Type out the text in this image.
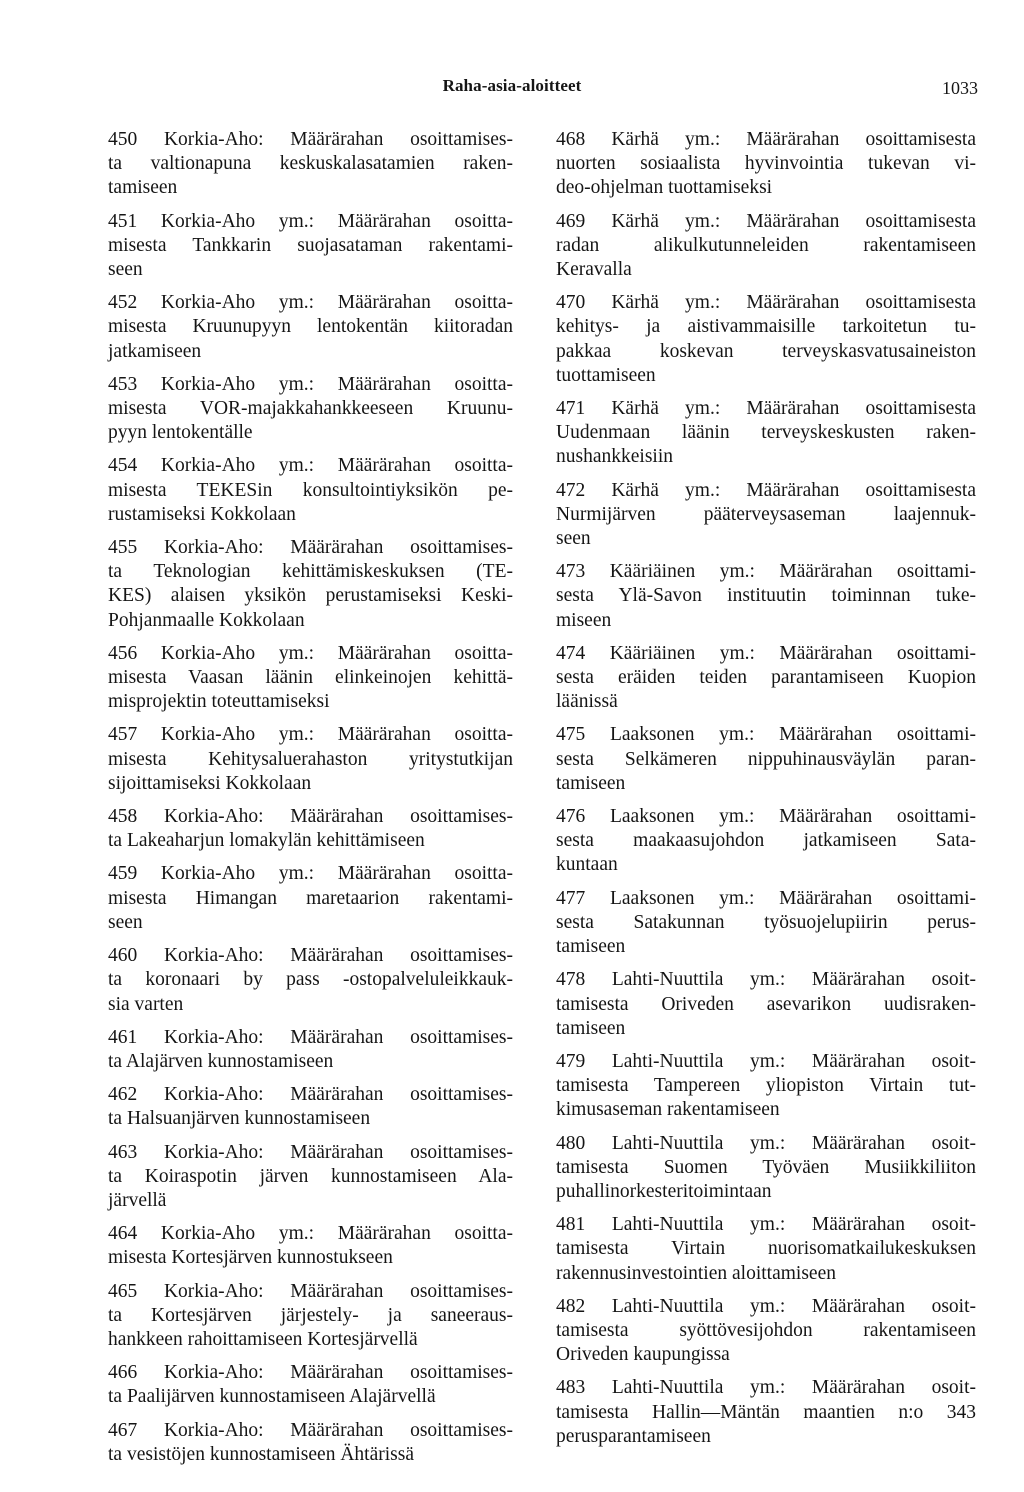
Raha-asia-aloitteet	1033
450 Korkia-Aho: Määrärahan osoittamises-
ta valtionapuna keskuskalasatamien raken-
tamiseen
451 Korkia-Aho ym.: Määrärahan osoitta-
misesta Tankkarin suojasataman rakentami-
seen
452 Korkia-Aho ym.: Määrärahan osoitta-
misesta Kruunupyyn lentokentän kiitoradan
jatkamiseen
453 Korkia-Aho ym.: Määrärahan osoitta-
misesta VOR-majakkahankkeeseen Kruunu-
pyyn lentokentälle
454 Korkia-Aho ym.: Määrärahan osoitta-
misesta TEKESin konsultointiyksikön pe-
rustamiseksi Kokkolaan
455 Korkia-Aho: Määrärahan osoittamises-
ta Teknologian kehittämiskeskuksen (TE-
KES) alaisen yksikön perustamiseksi Keski-
Pohjanmaalle Kokkolaan
456 Korkia-Aho ym.: Määrärahan osoitta-
misesta Vaasan läänin elinkeinojen kehittä-
misprojektin toteuttamiseksi
457 Korkia-Aho ym.: Määrärahan osoitta-
misesta Kehitysaluerahaston yritystutkijan
sijoittamiseksi Kokkolaan
458 Korkia-Aho: Määrärahan osoittamises-
ta Lakeaharjun lomakylän kehittämiseen
459 Korkia-Aho ym.: Määrärahan osoitta-
misesta Himangan maretaarion rakentami-
seen
460 Korkia-Aho: Määrärahan osoittamises-
ta koronaari by pass -ostopalveluleikkauk-
sia varten
461 Korkia-Aho: Määrärahan osoittamises-
ta Alajärven kunnostamiseen
462 Korkia-Aho: Määrärahan osoittamises-
ta Halsuanjärven kunnostamiseen
463 Korkia-Aho: Määrärahan osoittamises-
ta Koiraspotin järven kunnostamiseen Ala-
järvellä
464 Korkia-Aho ym.: Määrärahan osoitta-
misesta Kortesjärven kunnostukseen
465 Korkia-Aho: Määrärahan osoittamises-
ta Kortesjärven järjestely- ja saneeraus-
hankkeen rahoittamiseen Kortesjärvellä
466 Korkia-Aho: Määrärahan osoittamises-
ta Paalijärven kunnostamiseen Alajärvellä
467 Korkia-Aho: Määrärahan osoittamises-
ta vesistöjen kunnostamiseen Ähtärissä
468 Kärhä ym.: Määrärahan osoittamisesta
nuorten sosiaalista hyvinvointia tukevan vi-
deo-ohjelman tuottamiseksi
469 Kärhä ym.: Määrärahan osoittamisesta
radan alikulkutunneleiden rakentamiseen
Keravalla
470 Kärhä ym.: Määrärahan osoittamisesta
kehitys- ja aistivammaisille tarkoitetun tu-
pakkaa koskevan terveyskasvatusaineiston
tuottamiseen
471 Kärhä ym.: Määrärahan osoittamisesta
Uudenmaan läänin terveyskeskusten raken-
nushankkeisiin
472 Kärhä ym.: Määrärahan osoittamisesta
Nurmijärven pääterveysaseman laajennuk-
seen
473 Kääriäinen ym.: Määrärahan osoittami-
sesta Ylä-Savon instituutin toiminnan tuke-
miseen
474 Kääriäinen ym.: Määrärahan osoittami-
sesta eräiden teiden parantamiseen Kuopion
läänissä
475 Laaksonen ym.: Määrärahan osoittami-
sesta Selkämeren nippuhinausväylän paran-
tamiseen
476 Laaksonen ym.: Määrärahan osoittami-
sesta maakaasujohdon jatkamiseen Sata-
kuntaan
477 Laaksonen ym.: Määrärahan osoittami-
sesta Satakunnan työsuojelupiirin perus-
tamiseen
478 Lahti-Nuuttila ym.: Määrärahan osoit-
tamisesta Oriveden asevarikon uudisraken-
tamiseen
479 Lahti-Nuuttila ym.: Määrärahan osoit-
tamisesta Tampereen yliopiston Virtain tut-
kimusaseman rakentamiseen
480 Lahti-Nuuttila ym.: Määrärahan osoit-
tamisesta Suomen Työväen Musiikkiliiton
puhallinorkesteritoimintaan
481 Lahti-Nuuttila ym.: Määrärahan osoit-
tamisesta Virtain nuorisomatkailukeskuksen
rakennusinvestointien aloittamiseen
482 Lahti-Nuuttila ym.: Määrärahan osoit-
tamisesta syöttövesijohdon rakentamiseen
Oriveden kaupungissa
483 Lahti-Nuuttila ym.: Määrärahan osoit-
tamisesta Hallin—Mäntän maantien n:o 343
perusparantamiseen
